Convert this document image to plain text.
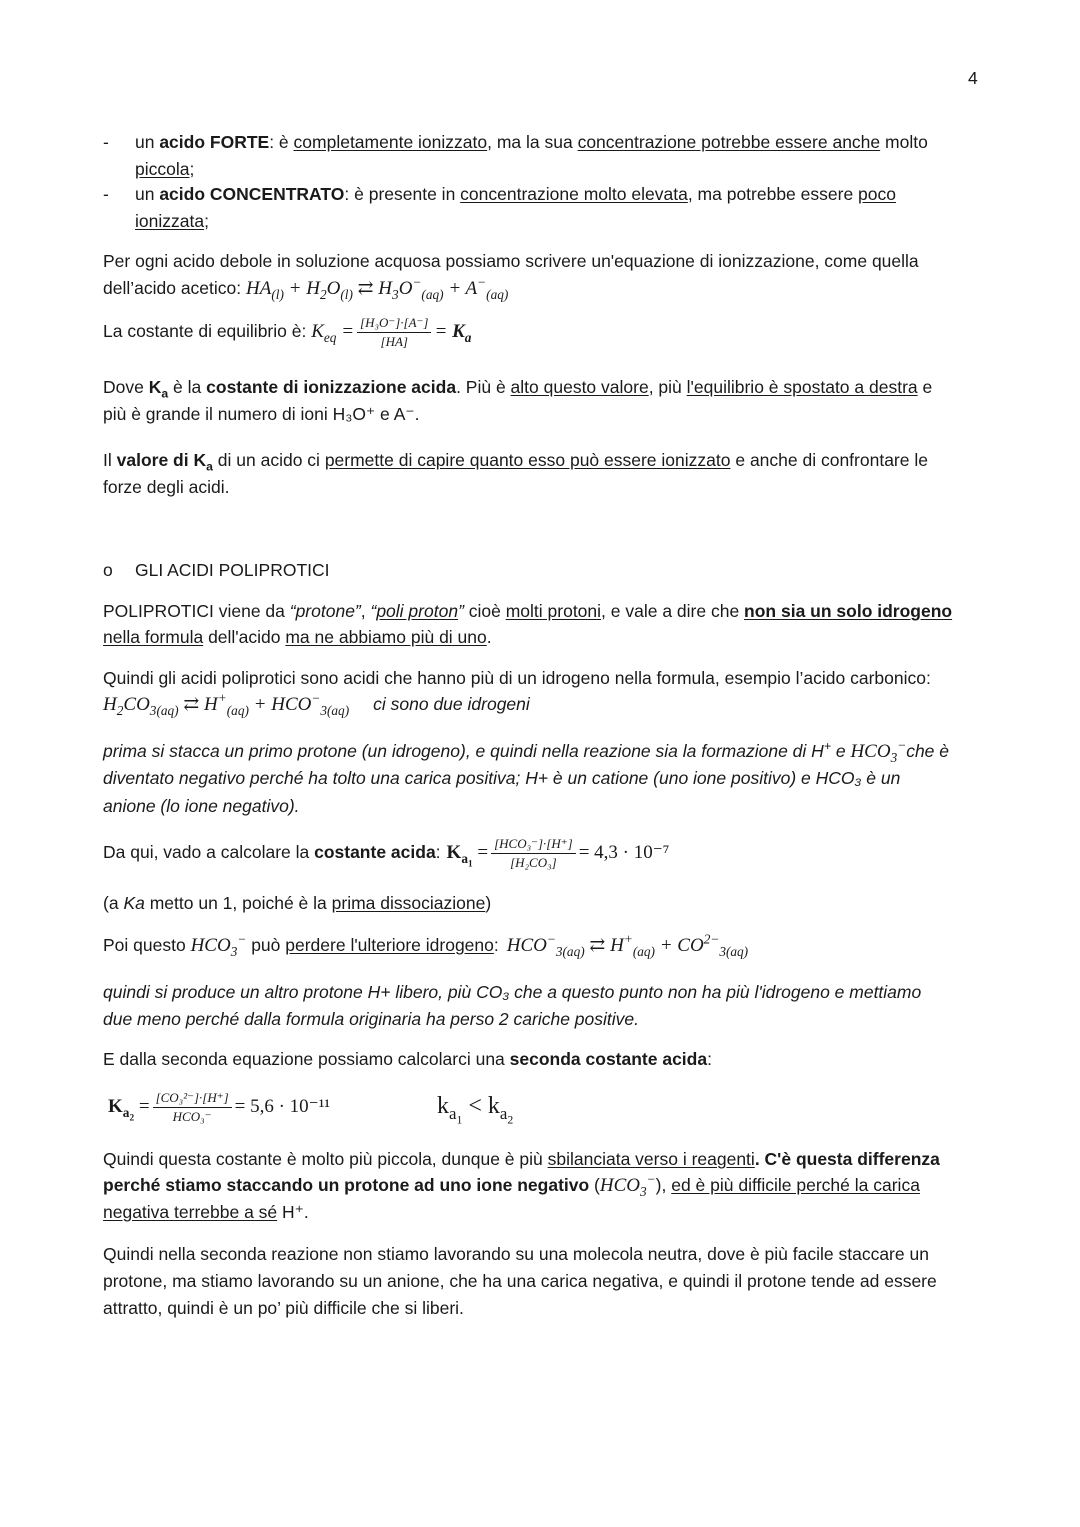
4
- un acido FORTE: è completamente ionizzato, ma la sua concentrazione potrebbe essere anche molto
piccola;
- un acido CONCENTRATO: è presente in concentrazione molto elevata, ma potrebbe essere poco
ionizzata;
Per ogni acido debole in soluzione acquosa possiamo scrivere un'equazione di ionizzazione, come quella
dell’acido acetico: $HA_{(l)} + H_2O_{(l)}$ ⇄ $H_3O^-_{(aq)} + A^-_{(aq)}$
La costante di equilibrio è: $K_{eq} = \frac{\text{[H₃O⁻]·[A⁻]}}{[HA]} = K_a$
Dove $K_a$ è la costante di ionizzazione acida. Più è alto questo valore, più l'equilibrio è spostato a destra e
più è grande il numero di ioni H₃O⁺ e A⁻.
Il valore di $K_a$ di un acido ci permette di capire quanto esso può essere ionizzato e anche di confrontare le
forze degli acidi.
o GLI ACIDI POLIPROTICI
POLIPROTICI viene da “protone”, “poli proton” cioè molti protoni, e vale a dire che non sia un solo idrogeno
nella formula dell'acido ma ne abbiamo più di uno.
Quindi gli acidi poliprotici sono acidi che hanno più di un idrogeno nella formula, esempio l’acido carbonico:
$H_2CO_{3(aq)}$ ⇄ $H^+_{(aq)} + HCO^-_{3(aq)}$ ci sono due idrogeni
prima si stacca un primo protone (un idrogeno), e quindi nella reazione sia la formazione di H+ e $HCO_3^-che$ è
diventato negativo perché ha tolto una carica positiva; H+ è un catione (uno ione positivo) e HCO₃ è un
anione (lo ione negativo).
Da qui, vado a calcolare la costante acida: $K_{a_1} = \frac{\text{[HCO₃⁻]·[H⁺]}}{\text{[H₂CO₃]}} = 4,3 \cdot 10^{-7}$
(a Ka metto un 1, poiché è la prima dissociazione)
Poi questo $HCO_3^-$ può perdere l'ulteriore idrogeno: $HCO^-_{3(aq)}$ ⇄ $H^+_{(aq)} + CO^{2-}_{3(aq)}$
quindi si produce un altro protone H+ libero, più CO₃ che a questo punto non ha più l'idrogeno e mettiamo
due meno perché dalla formula originaria ha perso 2 cariche positive.
E dalla seconda equazione possiamo calcolarci una seconda costante acida:
$K_{a_2} = \frac{\text{[CO₃²⁻]·[H⁺]}}{\text{HCO₃⁻}} = 5,6 \cdot 10^{-11}$	$k_{a_1} < k_{a_2}$
Quindi questa costante è molto più piccola, dunque è più sbilanciata verso i reagenti. C'è questa differenza
perché stiamo staccando un protone ad uno ione negativo $(HCO_3^-)$, ed è più difficile perché la carica
negativa terrebbe a sé H⁺.
Quindi nella seconda reazione non stiamo lavorando su una molecola neutra, dove è più facile staccare un
protone, ma stiamo lavorando su un anione, che ha una carica negativa, e quindi il protone tende ad essere
attratto, quindi è un po’ più difficile che si liberi.
